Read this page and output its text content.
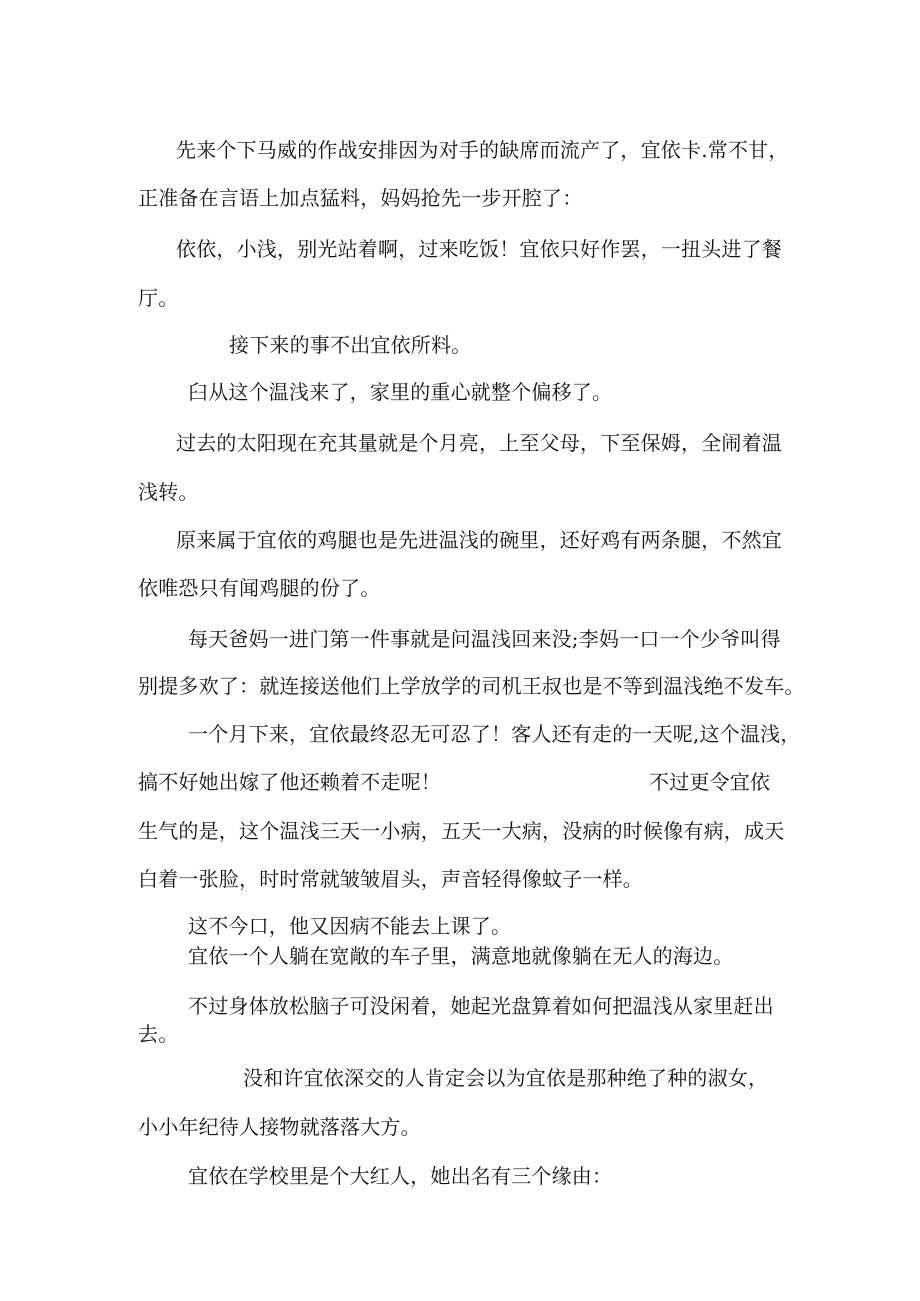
先来个下马威的作战安排因为对手的缺席而流产了，宜依卡.常不甘，

正准备在言语上加点猛料，妈妈抢先一步开腔了：

依依，小浅，别光站着啊，过来吃饭！宜依只好作罢，一扭头进了餐

厅。

接下来的事不出宜依所料。

臼从这个温浅来了，家里的重心就整个偏移了。

过去的太阳现在充其量就是个月亮，上至父母，下至保姆，全闹着温

浅转。

原来属于宜依的鸡腿也是先进温浅的碗里，还好鸡有两条腿，不然宜

依唯恐只有闻鸡腿的份了。

每天爸妈一进门第一件事就是问温浅回来没;李妈一口一个少爷叫得

别提多欢了：就连接送他们上学放学的司机王叔也是不等到温浅绝不发车。

一个月下来，宜依最终忍无可忍了！客人还有走的一天呢,这个温浅，

搞不好她出嫁了他还赖着不走呢！	不过更令宜依

生气的是，这个温浅三天一小病，五天一大病，没病的时候像有病，成天

白着一张脸，时时常就皱皱眉头，声音轻得像蚊子一样。

这不今口，他又因病不能去上课了。

宜依一个人躺在宽敞的车子里，满意地就像躺在无人的海边。

不过身体放松脑子可没闲着，她起光盘算着如何把温浅从家里赶出

去。

没和许宜依深交的人肯定会以为宜依是那种绝了种的淑女，

小小年纪待人接物就落落大方。

宜依在学校里是个大红人，她出名有三个缘由：
